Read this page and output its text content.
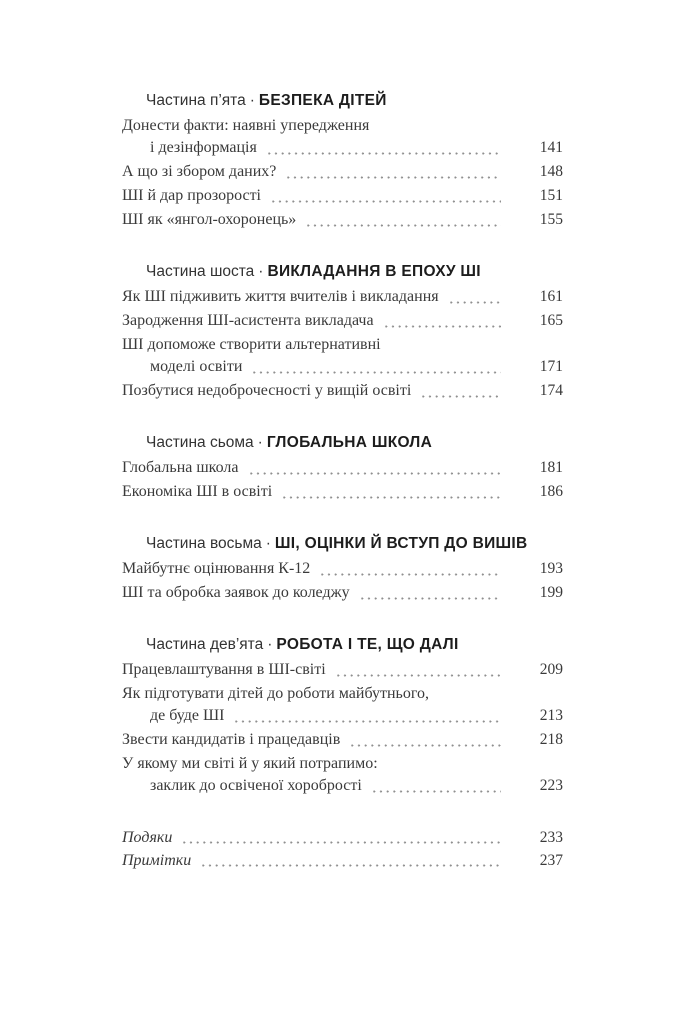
Частина п’ята · БЕЗПЕКА ДІТЕЙ
Донести факти: наявні упередження
і дезінформація	141
А що зі збором даних?	148
ШІ й дар прозорості	151
ШІ як «янгол-охоронець»	155
Частина шоста · ВИКЛАДАННЯ В ЕПОХУ ШІ
Як ШІ підживить життя вчителів і викладання	161
Зародження ШІ-асистента викладача	165
ШІ допоможе створити альтернативні
моделі освіти	171
Позбутися недоброчесності у вищій освіті	174
Частина сьома · ГЛОБАЛЬНА ШКОЛА
Глобальна школа	181
Економіка ШІ в освіті	186
Частина восьма · ШІ, ОЦІНКИ Й ВСТУП ДО ВИШІВ
Майбутнє оцінювання К-12	193
ШІ та обробка заявок до коледжу	199
Частина дев’ята · РОБОТА І ТЕ, ЩО ДАЛІ
Працевлаштування в ШІ-світі	209
Як підготувати дітей до роботи майбутнього,
де буде ШІ	213
Звести кандидатів і працедавців	218
У якому ми світі й у який потрапимо:
заклик до освіченої хоробрості	223
Подяки	233
Примітки	237
